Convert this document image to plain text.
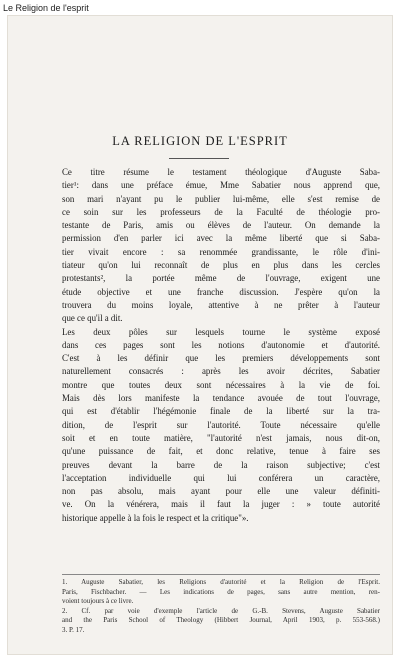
Le Religion de l'esprit
LA RELIGION DE L'ESPRIT

Ce titre résume le testament théologique d'Auguste Saba-
tier¹: dans une préface émue, Mme Sabatier nous apprend que,
son mari n'ayant pu le publier lui-même, elle s'est remise de
ce soin sur les professeurs de la Faculté de théologie pro-
testante de Paris, amis ou élèves de l'auteur. On demande la
permission d'en parler ici avec la même liberté que si Saba-
tier vivait encore : sa renommée grandissante, le rôle d'ini-
tiateur qu'on lui reconnaît de plus en plus dans les cercles
protestants², la portée même de l'ouvrage, exigent une
étude objective et une franche discussion. J'espère qu'on la
trouvera du moins loyale, attentive à ne prêter à l'auteur
que ce qu'il a dit.

Les deux pôles sur lesquels tourne le système exposé
dans ces pages sont les notions d'autonomie et d'autorité.
C'est à les définir que les premiers développements sont
naturellement consacrés : après les avoir décrites, Sabatier
montre que toutes deux sont nécessaires à la vie de foi.
Mais dès lors manifeste la tendance avouée de tout l'ouvrage,
qui est d'établir l'hégémonie finale de la liberté sur la tra-
dition, de l'esprit sur l'autorité. Toute nécessaire qu'elle
soit et en toute matière, "l'autorité n'est jamais, nous dit-on,
qu'une puissance de fait, et donc relative, tenue à faire ses
preuves devant la barre de la raison subjective; c'est
l'acceptation individuelle qui lui conférera un caractère,
non pas absolu, mais ayant pour elle une valeur définiti-
ve. On la vénérera, mais il faut la juger : » toute autorité
historique appelle à la fois le respect et la critique"».

1. Auguste Sabatier, les Religions d'autorité et la Religion de l'Esprit.
Paris, Fischbacher. — Les indications de pages, sans autre mention, ren-
voient toujours à ce livre.
2. Cf. par voie d'exemple l'article de G.-B. Stevens, Auguste Sabatier
and the Paris School of Theology (Hibbert Journal, April 1903, p. 553-568.)
3. P. 17.
